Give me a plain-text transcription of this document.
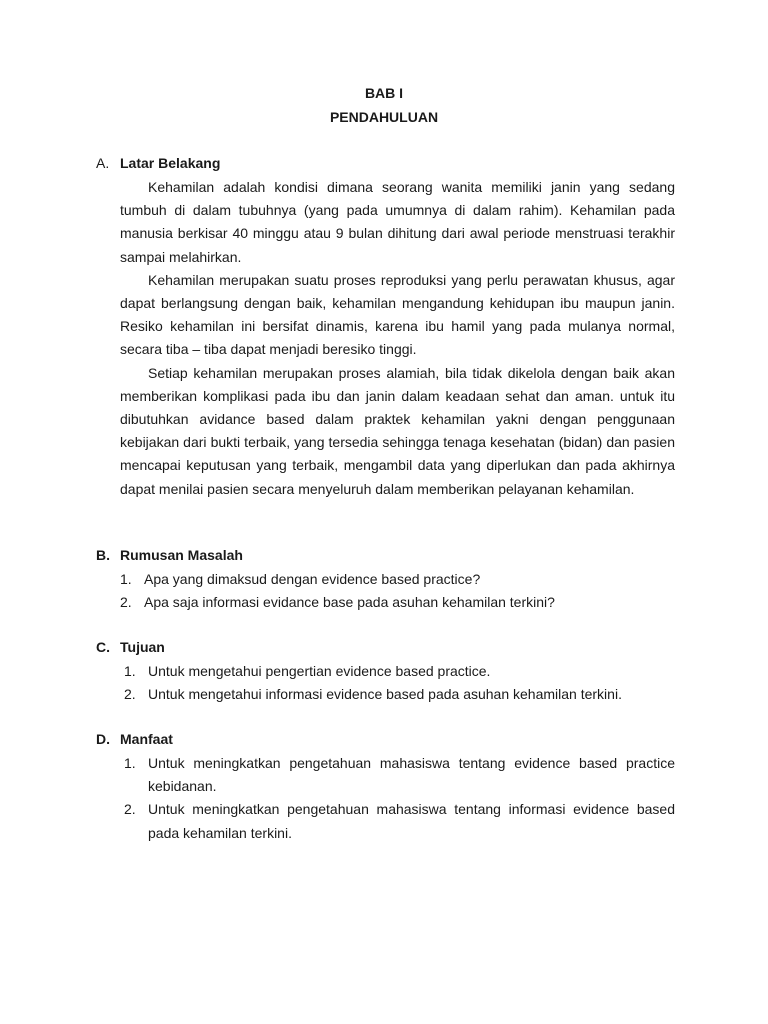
BAB I
PENDAHULUAN
A. Latar Belakang

Kehamilan adalah kondisi dimana seorang wanita memiliki janin yang sedang tumbuh di dalam tubuhnya (yang pada umumnya di dalam rahim). Kehamilan pada manusia berkisar 40 minggu atau 9 bulan dihitung dari awal periode menstruasi terakhir sampai melahirkan.

Kehamilan merupakan suatu proses reproduksi yang perlu perawatan khusus, agar dapat berlangsung dengan baik, kehamilan mengandung kehidupan ibu maupun janin. Resiko kehamilan ini bersifat dinamis, karena ibu hamil yang pada mulanya normal, secara tiba – tiba dapat menjadi beresiko tinggi.

Setiap kehamilan merupakan proses alamiah, bila tidak dikelola dengan baik akan memberikan komplikasi pada ibu dan janin dalam keadaan sehat dan aman. untuk itu dibutuhkan avidance based dalam praktek kehamilan yakni dengan penggunaan kebijakan dari bukti terbaik, yang tersedia sehingga tenaga kesehatan (bidan) dan pasien mencapai keputusan yang terbaik, mengambil data yang diperlukan dan pada akhirnya dapat menilai pasien secara menyeluruh dalam memberikan pelayanan kehamilan.

B. Rumusan Masalah
1. Apa yang dimaksud dengan evidence based practice?
2. Apa saja informasi evidance base pada asuhan kehamilan terkini?
C. Tujuan
1. Untuk mengetahui pengertian evidence based practice.
2. Untuk mengetahui informasi evidence based pada asuhan kehamilan terkini.
D. Manfaat
1. Untuk meningkatkan pengetahuan mahasiswa tentang evidence based practice kebidanan.
2. Untuk meningkatkan pengetahuan mahasiswa tentang informasi evidence based pada kehamilan terkini.
